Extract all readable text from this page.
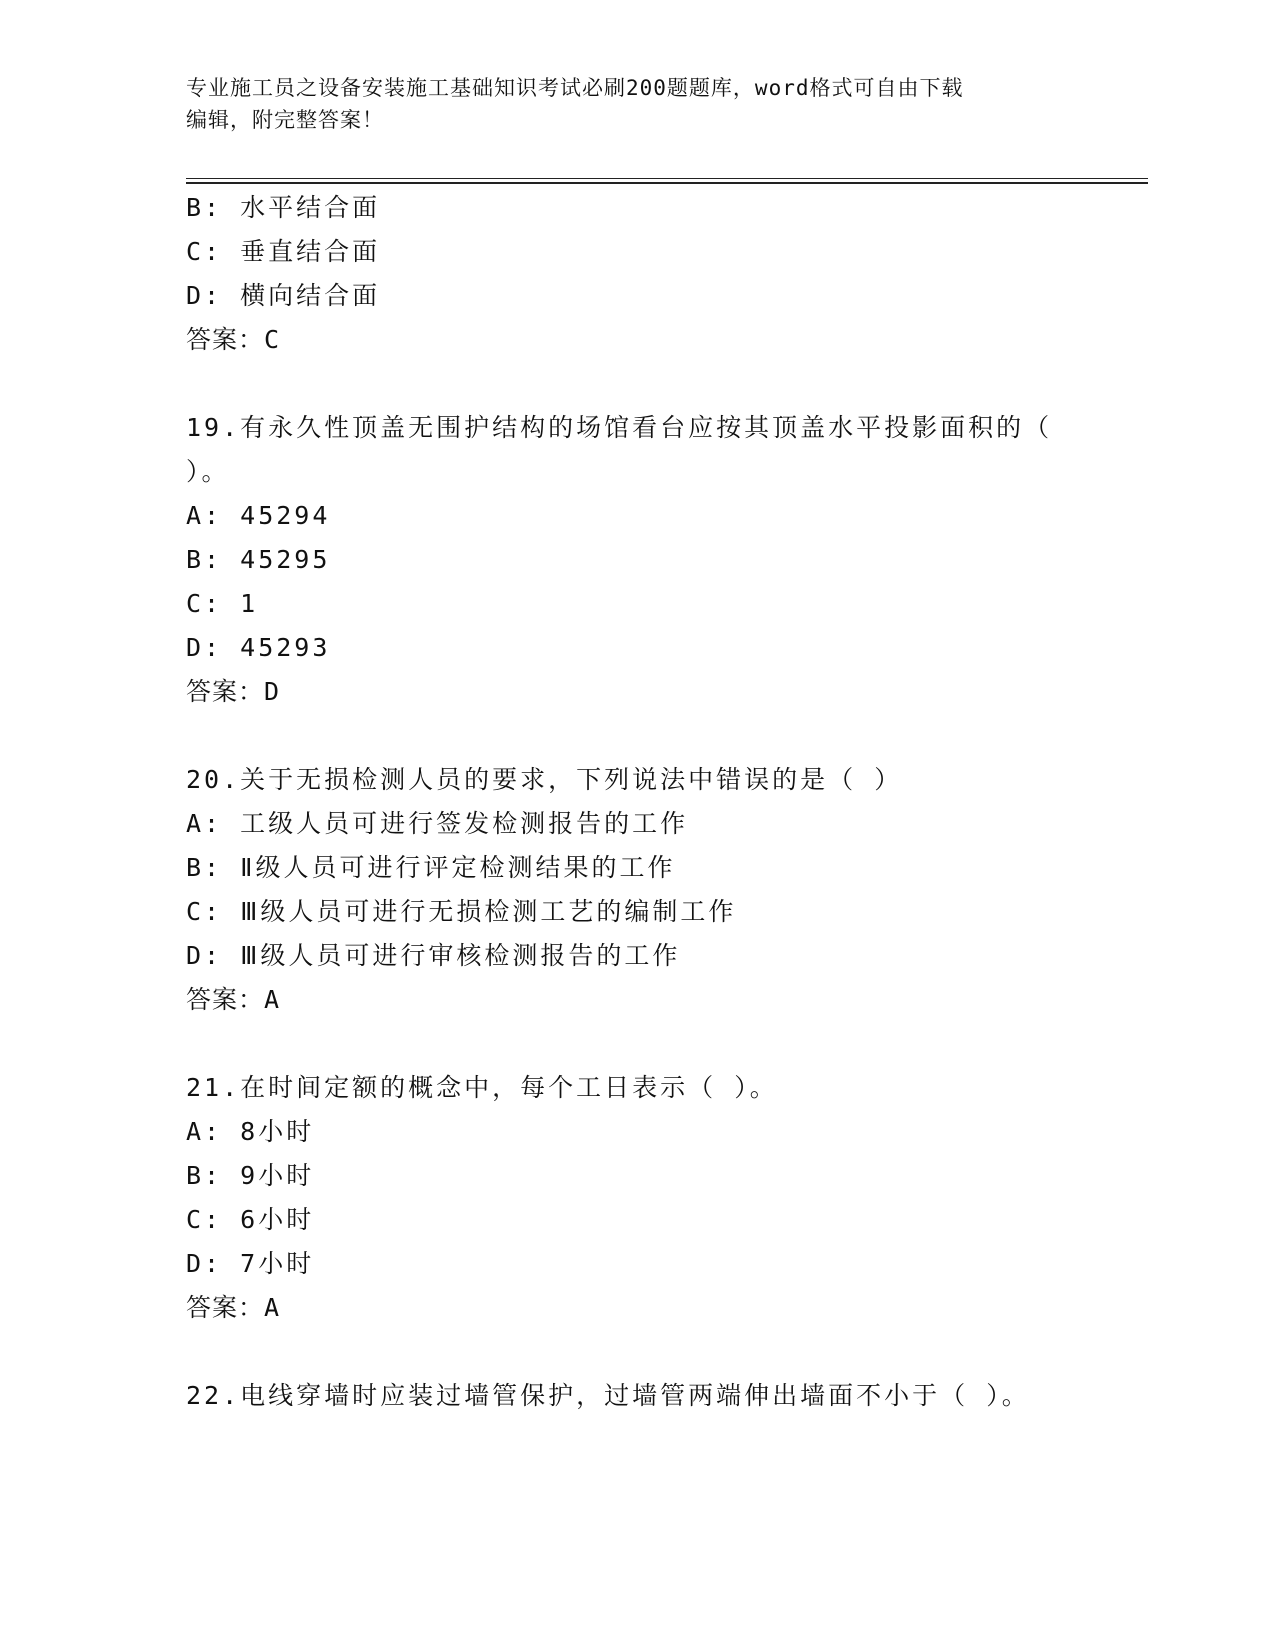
专业施工员之设备安装施工基础知识考试必刷200题题库，word格式可自由下载
编辑，附完整答案！
B: 水平结合面
C: 垂直结合面
D: 横向结合面
答案：C
19.有永久性顶盖无围护结构的场馆看台应按其顶盖水平投影面积的（
）。
A: 45294
B: 45295
C: 1
D: 45293
答案：D
20.关于无损检测人员的要求，下列说法中错误的是（ ）
A: 工级人员可进行签发检测报告的工作
B: Ⅱ级人员可进行评定检测结果的工作
C: Ⅲ级人员可进行无损检测工艺的编制工作
D: Ⅲ级人员可进行审核检测报告的工作
答案：A
21.在时间定额的概念中，每个工日表示（ ）。
A: 8小时
B: 9小时
C: 6小时
D: 7小时
答案：A
22.电线穿墙时应装过墙管保护，过墙管两端伸出墙面不小于（ ）。
